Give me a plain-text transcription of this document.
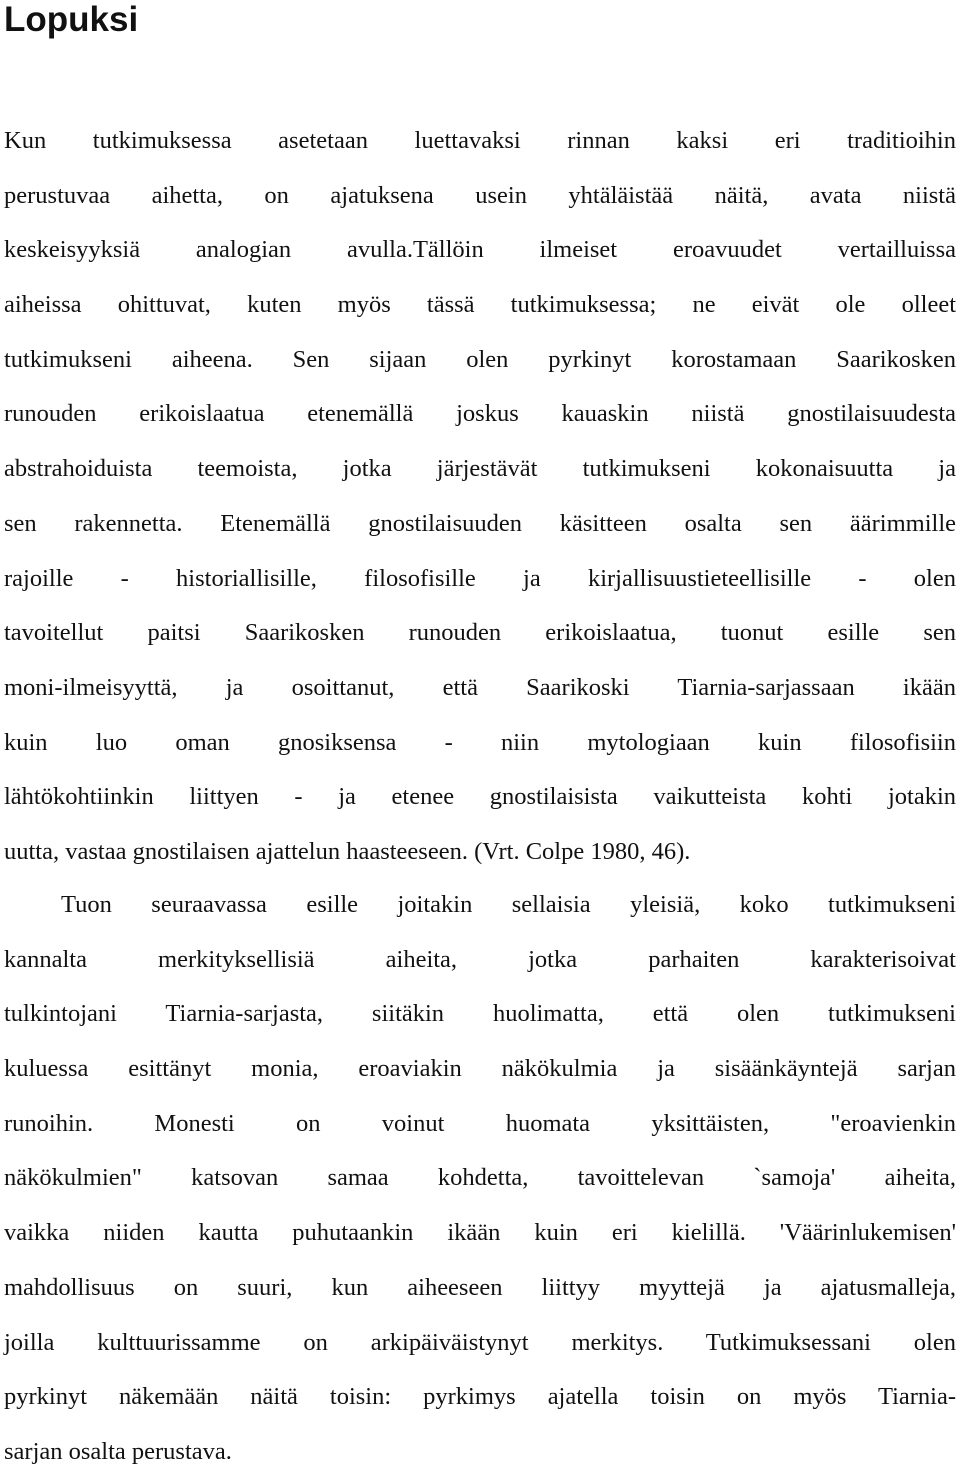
Lopuksi
Kun tutkimuksessa asetetaan luettavaksi rinnan kaksi eri traditioihin
perustuvaa aihetta, on ajatuksena usein yhtäläistää näitä, avata niistä
keskeisyyksiä analogian avulla.Tällöin ilmeiset eroavuudet vertailluissa
aiheissa ohittuvat, kuten myös tässä tutkimuksessa; ne eivät ole olleet
tutkimukseni aiheena. Sen sijaan olen pyrkinyt korostamaan Saarikosken
runouden erikoislaatua etenemällä joskus kauaskin niistä gnostilaisuudesta
abstrahoiduista teemoista, jotka järjestävät tutkimukseni kokonaisuutta ja
sen rakennetta. Etenemällä gnostilaisuuden käsitteen osalta sen äärimmille
rajoille - historiallisille, filosofisille ja kirjallisuustieteellisille - olen
tavoitellut paitsi Saarikosken runouden erikoislaatua, tuonut esille sen
moni-ilmeisyyttä, ja osoittanut, että Saarikoski Tiarnia-sarjassaan ikään
kuin luo oman gnosiksensa - niin mytologiaan kuin filosofisiin
lähtökohtiinkin liittyen - ja etenee gnostilaisista vaikutteista kohti jotakin
uutta, vastaa gnostilaisen ajattelun haasteeseen. (Vrt. Colpe 1980, 46).
Tuon seuraavassa esille joitakin sellaisia yleisiä, koko tutkimukseni
kannalta merkityksellisiä aiheita, jotka parhaiten karakterisoivat
tulkintojani Tiarnia-sarjasta, siitäkin huolimatta, että olen tutkimukseni
kuluessa esittänyt monia, eroaviakin näkökulmia ja sisäänkäyntejä sarjan
runoihin. Monesti on voinut huomata yksittäisten, "eroavienkin
näkökulmien" katsovan samaa kohdetta, tavoittelevan `samoja' aiheita,
vaikka niiden kautta puhutaankin ikään kuin eri kielillä. 'Väärinlukemisen'
mahdollisuus on suuri, kun aiheeseen liittyy myyttejä ja ajatusmalleja,
joilla kulttuurissamme on arkipäiväistynyt merkitys. Tutkimuksessani olen
pyrkinyt näkemään näitä toisin: pyrkimys ajatella toisin on myös Tiarnia-
sarjan osalta perustava.
